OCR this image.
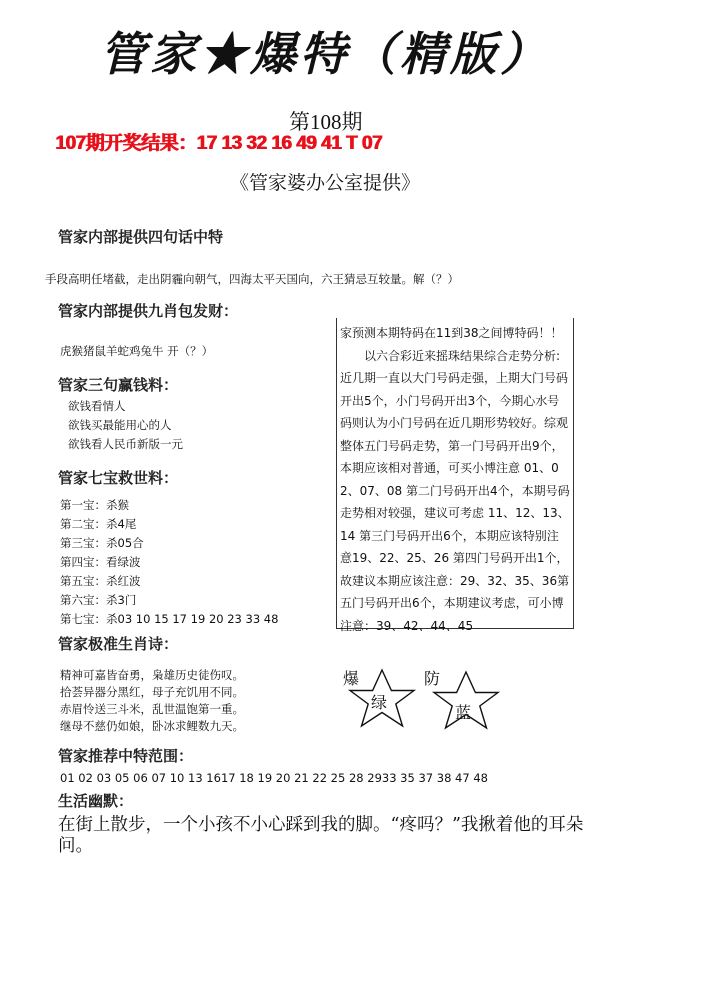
管家★爆特（精版）
第108期
107期开奖结果：17 13 32 16 49 41 T 07
《管家婆办公室提供》
管家内部提供四句话中特
手段高明任堵截，走出阴霾向朝气，四海太平天国向，六王猜忌互较量。解（？）
管家内部提供九肖包发财：
虎猴猪鼠羊蛇鸡兔牛 开（？）
管家三句赢钱料：
欲钱看情人
欲钱买最能用心的人
欲钱看人民币新版一元
管家七宝救世料：
第一宝：杀猴
第二宝：杀4尾
第三宝：杀05合
第四宝：看绿波
第五宝：杀红波
第六宝：杀3门
第七宝：杀03 10 15 17 19 20 23 33 48
管家极准生肖诗：
精神可嘉皆奋勇，枭雄历史徒伤叹。
拾荟异器分黑红，母子充饥用不同。
赤眉怜送三斗米，乱世温饱第一重。
继母不慈仍如娘，卧冰求鲤数九天。

家预测本期特码在11到38之间博特码！！

以六合彩近来摇珠结果综合走势分析:近几期一直以大门号码走强，上期大门号码开出5个，小门号码开出3个，今期心水号码则认为小门号码在近几期形势较好。综观整体五门号码走势，第一门号码开出9个，本期应该相对普通，可买小博注意 01、02、07、08 第二门号码开出4个，本期号码走势相对较强，建议可考虑 11、12、13、14 第三门号码开出6个，本期应该特别注意19、22、25、26 第四门号码开出1个，故建议本期应该注意：29、32、35、36第五门号码开出6个，本期建议考虑，可小博注意：39、42、44、45

爆	防
绿
蓝
管家推荐中特范围：
01 02 03 05 06 07 10 13 1617 18 19 20 21 22 25 28 2933 35 37 38 47 48
生活幽默：
在街上散步，一个小孩不小心踩到我的脚。“疼吗？”我揪着他的耳朵问。
